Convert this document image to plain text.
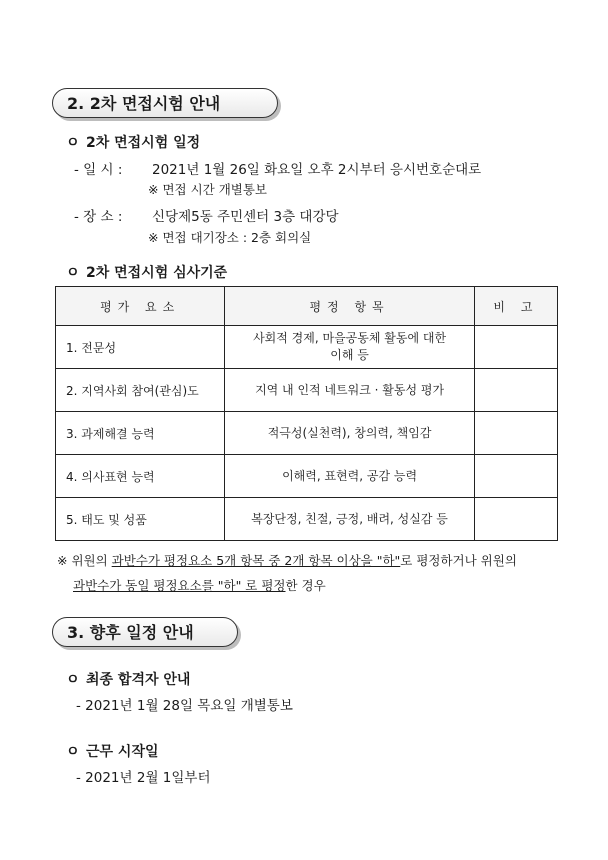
2. 2차 면접시험 안내
ㅇ 2차 면접시험 일정
- 일 시 : 2021년 1월 26일 화요일 오후 2시부터 응시번호순대로
※ 면접 시간 개별통보
- 장 소 : 신당제5동 주민센터 3층 대강당
※ 면접 대기장소 : 2층 회의실
ㅇ 2차 면접시험 심사기준
평가 요소	평정 항목	비 고
1. 전문성	사회적 경제, 마을공동체 활동에 대한 이해 등	
2. 지역사회 참여(관심)도	지역 내 인적 네트워크 · 활동성 평가	
3. 과제해결 능력	적극성(실천력), 창의력, 책임감	
4. 의사표현 능력	이해력, 표현력, 공감 능력	
5. 태도 및 성품	복장단정, 친절, 긍정, 배려, 성실감 등	
※ 위원의 과반수가 평정요소 5개 항목 중 2개 항목 이상을 "하"로 평정하거나 위원의
과반수가 동일 평정요소를 "하" 로 평정한 경우
3. 향후 일정 안내
ㅇ 최종 합격자 안내
- 2021년 1월 28일 목요일 개별통보
ㅇ 근무 시작일
- 2021년 2월 1일부터
